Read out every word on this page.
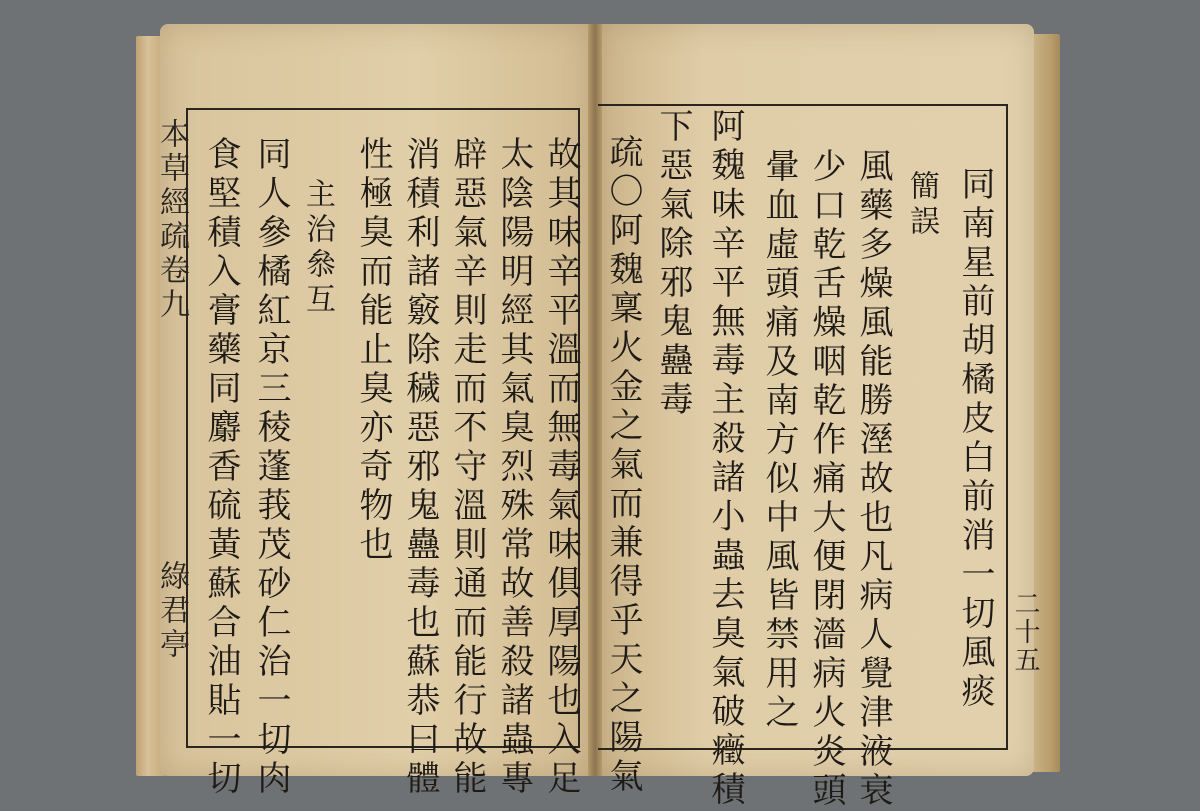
本草經疏卷九
綠君亭	故其味辛平溫而無毒氣味俱厚陽也入足
太陰陽明經其氣臭烈殊常故善殺諸蟲專
辟惡氣辛則走而不守溫則通而能行故能
消積利諸竅除穢惡邪鬼蠱毒也蘇恭曰體
性極臭而能止臭亦奇物也
主治叅互
同人參橘紅京三稜蓬莪茂砂仁治一切肉
食堅積入膏藥同麝香硫黃蘇合油貼一切	同南星前胡橘皮白前消一切風痰
簡誤
風藥多燥風能勝溼故也凡病人覺津液衰
少口乾舌燥咽乾作痛大便閉濇病火炎頭
暈血虛頭痛及南方似中風皆禁用之
阿魏味辛平無毒主殺諸小蟲去臭氣破癥積
下惡氣除邪鬼蠱毒
疏〇阿魏稟火金之氣而兼得乎天之陽氣	二十五
